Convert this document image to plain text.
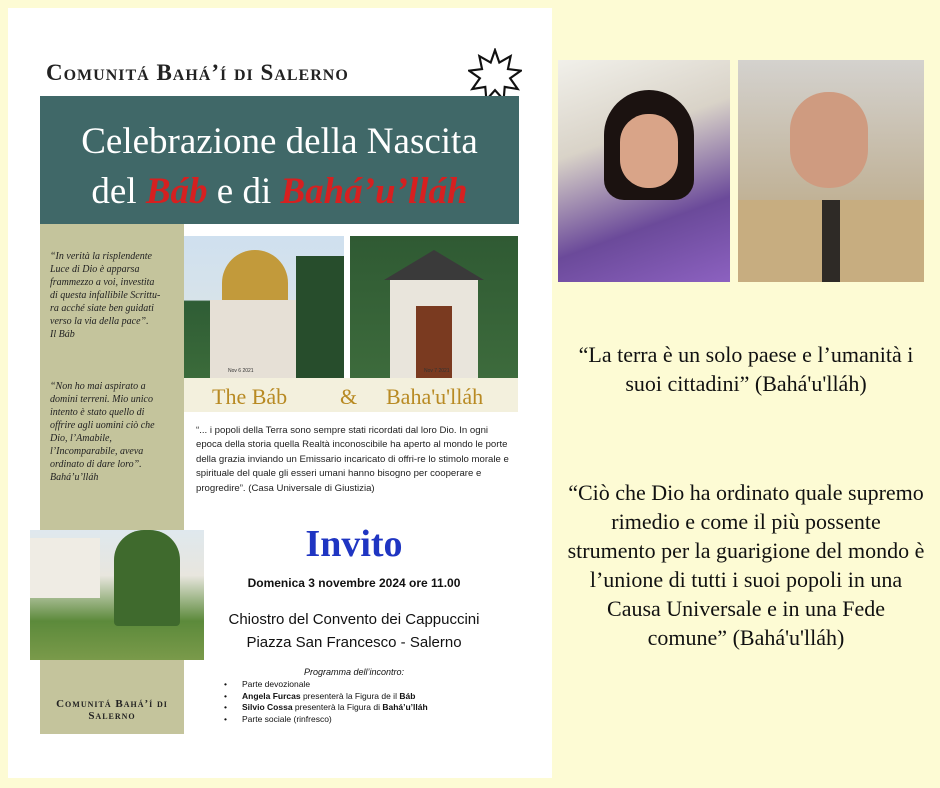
Comunitá Bahá’í di Salerno
Celebrazione della Nascita
del Báb e di Bahá’u’lláh
“In verità la risplendente
Luce di Dio è apparsa
frammezzo a voi, investita
di questa infallibile Scrittu-
ra acché siate ben guidati
verso la via della pace”.
Il Báb
“Non ho mai aspirato a
domini terreni. Mio unico
intento è stato quello di
offrire agli uomini ciò che
Dio, l’Amabile,
l’Incomparabile, aveva
ordinato di dare loro”.
Bahá’u’lláh
Comunitá Bahá’í di
Salerno
Nov 6 2021	Nov 7 2021
The Báb & Baha'u'lláh
“... i popoli della Terra sono sempre stati ricordati dal loro Dio. In ogni epoca della storia quella Realtà inconoscibile ha aperto al mondo le porte della grazia inviando un Emissario incaricato di offri-re lo stimolo morale e spirituale del quale gli esseri umani hanno bisogno per cooperare e progredire”. (Casa Universale di Giustizia)
Invito
Domenica 3 novembre 2024 ore 11.00
Chiostro del Convento dei Cappuccini
Piazza San Francesco - Salerno
Programma dell’incontro:
• Parte devozionale
• Angela Furcas presenterà la Figura de il Báb
• Silvio Cossa presenterà la Figura di Bahá’u’lláh
• Parte sociale (rinfresco)
“La terra è un solo paese e l’umanità i suoi cittadini” (Bahá'u'lláh)
“Ciò che Dio ha ordinato quale supremo rimedio e come il più possente strumento per la guarigione del mondo è l’unione di tutti i suoi popoli in una Causa Universale e in una Fede comune” (Bahá'u'lláh)
